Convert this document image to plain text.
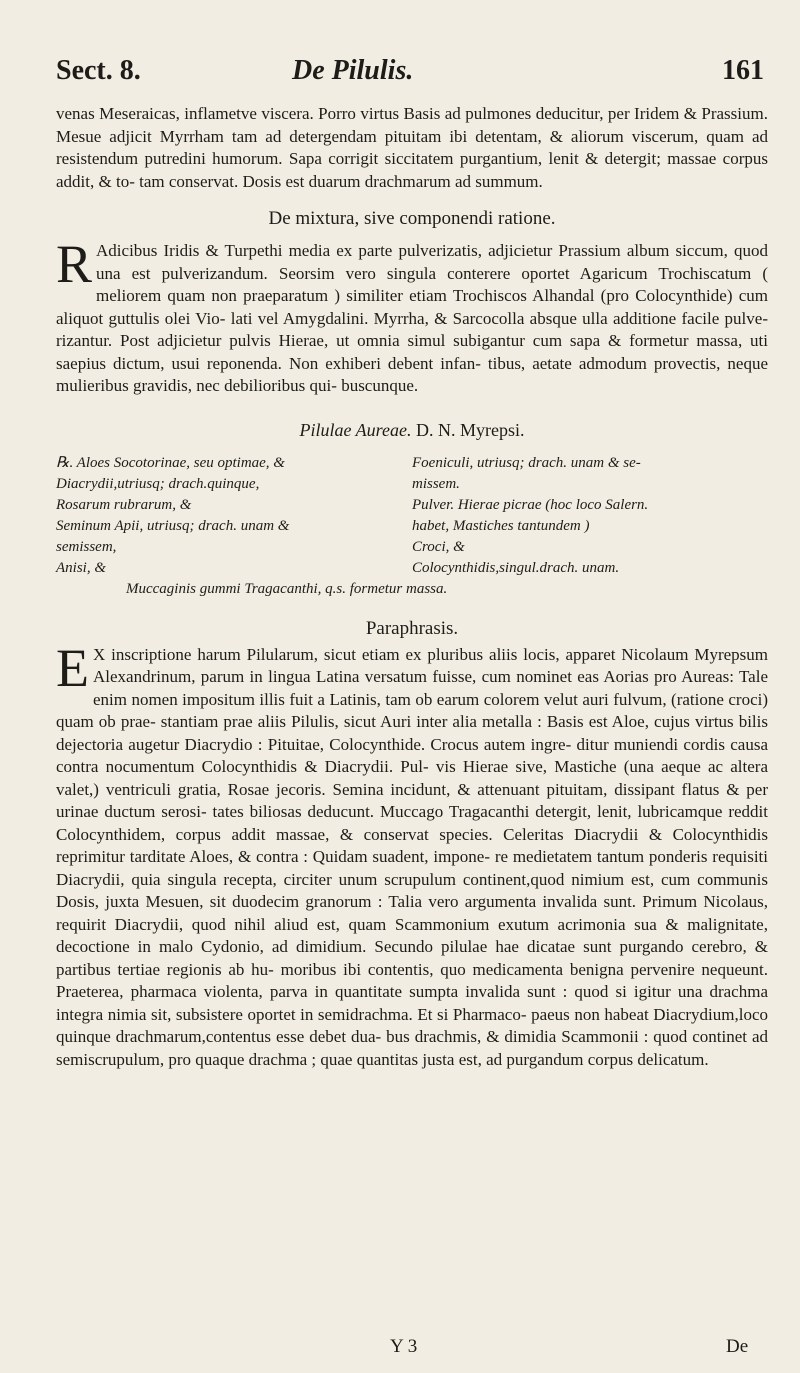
Sect. 8.	De Pilulis.	161

venas Meseraicas, inflametve viscera. Porro virtus Basis ad pulmones deducitur, per Iridem & Prassium. Mesue adjicit Myrrham tam ad detergendam pituitam ibi detentam, & aliorum viscerum, quam ad resistendum putredini humorum. Sapa corrigit siccitatem purgantium, lenit & detergit; massae corpus addit, & to- tam conservat. Dosis est duarum drachmarum ad summum.

De mixtura, sive componendi ratione.

R Adicibus Iridis & Turpethi media ex parte pulverizatis, adjicietur Prassium album siccum, quod una est pulverizandum. Seorsim vero singula conterere oportet Agaricum Trochiscatum ( meliorem quam non praeparatum ) similiter etiam Trochiscos Alhandal (pro Colocynthide) cum aliquot guttulis olei Vio- lati vel Amygdalini. Myrrha, & Sarcocolla absque ulla additione facile pulve- rizantur. Post adjicietur pulvis Hierae, ut omnia simul subigantur cum sapa & formetur massa, uti saepius dictum, usui reponenda. Non exhiberi debent infan- tibus, aetate admodum provectis, neque mulieribus gravidis, nec debilioribus qui- buscunque.

Pilulae Aureae. D. N. Myrepsi.
℞. Aloes Socotorinae, seu optimae, &
Diacrydii,utriusq; drach.quinque,
Rosarum rubrarum, &
Seminum Apii, utriusq; drach. unam &
semissem,
Anisi, &
Foeniculi, utriusq; drach. unam & se-
missem.
Pulver. Hierae picrae (hoc loco Salern.
habet, Mastiches tantundem )
Croci, &
Colocynthidis,singul.drach. unam.
Muccaginis gummi Tragacanthi, q.s. formetur massa.
Paraphrasis.

E X inscriptione harum Pilularum, sicut etiam ex pluribus aliis locis, apparet Nicolaum Myrepsum Alexandrinum, parum in lingua Latina versatum fuisse, cum nominet eas Aorias pro Aureas: Tale enim nomen impositum illis fuit a Latinis, tam ob earum colorem velut auri fulvum, (ratione croci) quam ob prae- stantiam prae aliis Pilulis, sicut Auri inter alia metalla : Basis est Aloe, cujus virtus bilis dejectoria augetur Diacrydio : Pituitae, Colocynthide. Crocus autem ingre- ditur muniendi cordis causa contra nocumentum Colocynthidis & Diacrydii. Pul- vis Hierae sive, Mastiche (una aeque ac altera valet,) ventriculi gratia, Rosae jecoris. Semina incidunt, & attenuant pituitam, dissipant flatus & per urinae ductum serosi- tates biliosas deducunt. Muccago Tragacanthi detergit, lenit, lubricamque reddit Colocynthidem, corpus addit massae, & conservat species. Celeritas Diacrydii & Colocynthidis reprimitur tarditate Aloes, & contra : Quidam suadent, impone- re medietatem tantum ponderis requisiti Diacrydii, quia singula recepta, circiter unum scrupulum continent,quod nimium est, cum communis Dosis, juxta Mesuen, sit duodecim granorum : Talia vero argumenta invalida sunt. Primum Nicolaus, requirit Diacrydii, quod nihil aliud est, quam Scammonium exutum acrimonia sua & malignitate, decoctione in malo Cydonio, ad dimidium. Secundo pilulae hae dicatae sunt purgando cerebro, & partibus tertiae regionis ab hu- moribus ibi contentis, quo medicamenta benigna pervenire nequeunt. Praeterea, pharmaca violenta, parva in quantitate sumpta invalida sunt : quod si igitur una drachma integra nimia sit, subsistere oportet in semidrachma. Et si Pharmaco- paeus non habeat Diacrydium,loco quinque drachmarum,contentus esse debet dua- bus drachmis, & dimidia Scammonii : quod continet ad semiscrupulum, pro quaque drachma ; quae quantitas justa est, ad purgandum corpus delicatum.

Y 3	De
